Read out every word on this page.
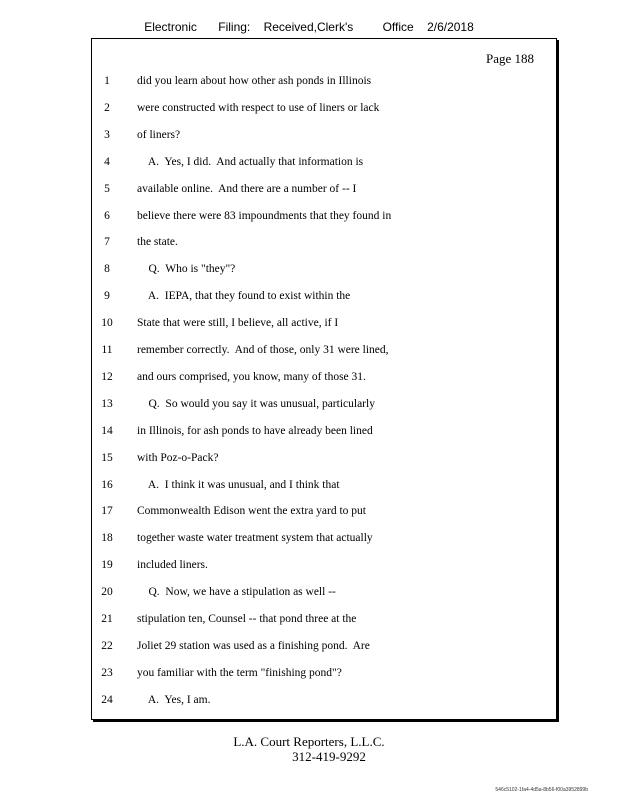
Electronic Filing: Received,Clerk's Office 2/6/2018
Page 188
1	did you learn about how other ash ponds in Illinois
2	were constructed with respect to use of liners or lack
3	of liners?
4	A.  Yes, I did.  And actually that information is
5	available online.  And there are a number of -- I
6	believe there were 83 impoundments that they found in
7	the state.
8	Q.  Who is "they"?
9	A.  IEPA, that they found to exist within the
10	State that were still, I believe, all active, if I
11	remember correctly.  And of those, only 31 were lined,
12	and ours comprised, you know, many of those 31.
13	Q.  So would you say it was unusual, particularly
14	in Illinois, for ash ponds to have already been lined
15	with Poz-o-Pack?
16	A.  I think it was unusual, and I think that
17	Commonwealth Edison went the extra yard to put
18	together waste water treatment system that actually
19	included liners.
20	Q.  Now, we have a stipulation as well --
21	stipulation ten, Counsel -- that pond three at the
22	Joliet 29 station was used as a finishing pond.  Are
23	you familiar with the term "finishing pond"?
24	A.  Yes, I am.
L.A. Court Reporters, L.L.C.
312-419-9292
546c5102-1fa4-4d5a-8b56-f00a3952899b
